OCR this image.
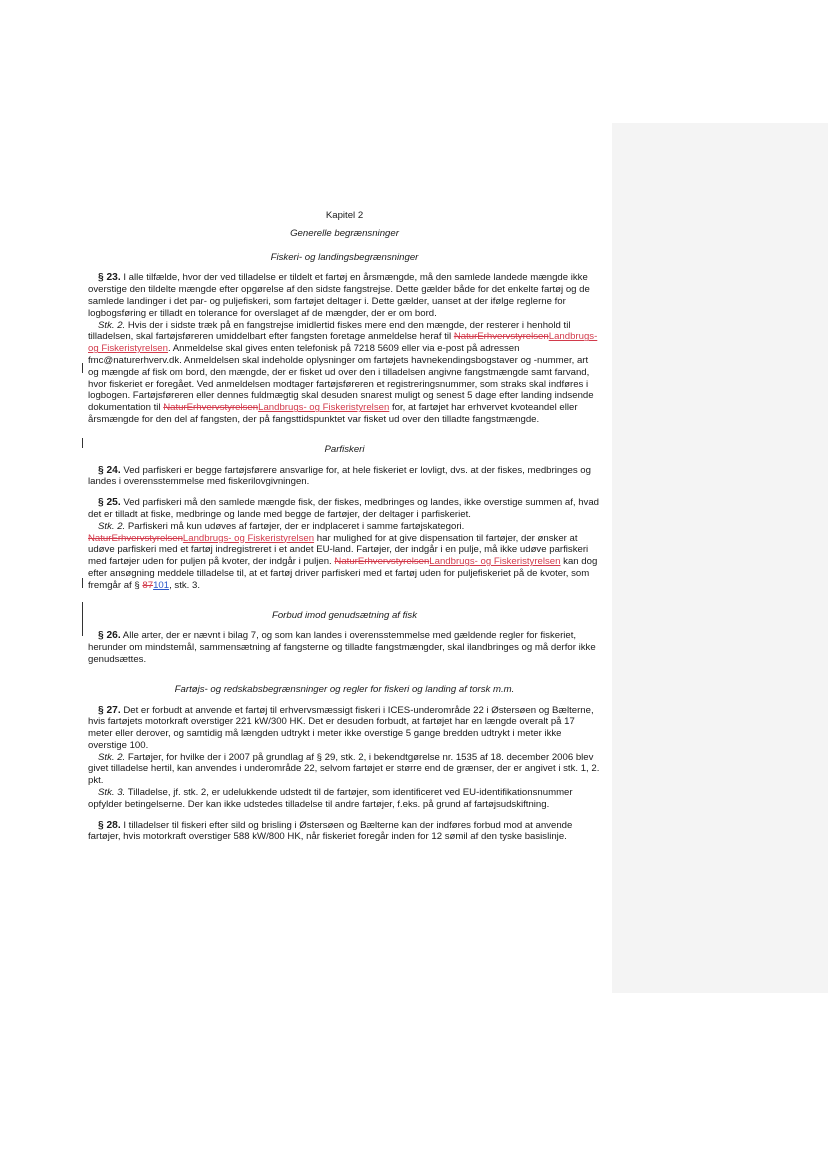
Kapitel 2

Generelle begrænsninger

Fiskeri- og landingsbegrænsninger

§ 23. I alle tilfælde, hvor der ved tilladelse er tildelt et fartøj en årsmængde, må den samlede landede mængde ikke overstige den tildelte mængde efter opgørelse af den sidste fangstrejse. Dette gælder både for det enkelte fartøj og de samlede landinger i det par- og puljefiskeri, som fartøjet deltager i. Dette gælder, uanset at der ifølge reglerne for logbogsføring er tilladt en tolerance for overslaget af de mængder, der er om bord.

Stk. 2. Hvis der i sidste træk på en fangstrejse imidlertid fiskes mere end den mængde, der resterer i henhold til tilladelsen, skal fartøjsføreren umiddelbart efter fangsten foretage anmeldelse heraf til NaturErhvervstyrelsenLandbrugs- og Fiskeristyrelsen. Anmeldelse skal gives enten telefonisk på 7218 5609 eller via e-post på adressen fmc@naturerhverv.dk. Anmeldelsen skal indeholde oplysninger om fartøjets havnekendingsbogstaver og -nummer, art og mængde af fisk om bord, den mængde, der er fisket ud over den i tilladelsen angivne fangstmængde samt farvand, hvor fiskeriet er foregået. Ved anmeldelsen modtager fartøjsføreren et registreringsnummer, som straks skal indføres i logbogen. Fartøjsføreren eller dennes fuldmægtig skal desuden snarest muligt og senest 5 dage efter landing indsende dokumentation til NaturErhvervstyrelsenLandbrugs- og Fiskeristyrelsen for, at fartøjet har erhvervet kvoteandel eller årsmængde for den del af fangsten, der på fangsttidspunktet var fisket ud over den tilladte fangstmængde.

Parfiskeri

§ 24. Ved parfiskeri er begge fartøjsførere ansvarlige for, at hele fiskeriet er lovligt, dvs. at der fiskes, medbringes og landes i overensstemmelse med fiskerilovgivningen.

§ 25. Ved parfiskeri må den samlede mængde fisk, der fiskes, medbringes og landes, ikke overstige summen af, hvad det er tilladt at fiske, medbringe og lande med begge de fartøjer, der deltager i parfiskeriet.

Stk. 2. Parfiskeri må kun udøves af fartøjer, der er indplaceret i samme fartøjskategori. NaturErhvervstyrelsenLandbrugs- og Fiskeristyrelsen har mulighed for at give dispensation til fartøjer, der ønsker at udøve parfiskeri med et fartøj indregistreret i et andet EU-land. Fartøjer, der indgår i en pulje, må ikke udøve parfiskeri med fartøjer uden for puljen på kvoter, der indgår i puljen. NaturErhvervstyrelsenLandbrugs- og Fiskeristyrelsen kan dog efter ansøgning meddele tilladelse til, at et fartøj driver parfiskeri med et fartøj uden for puljefiskeriet på de kvoter, som fremgår af § 87101, stk. 3.

Forbud imod genudsætning af fisk

§ 26. Alle arter, der er nævnt i bilag 7, og som kan landes i overensstemmelse med gældende regler for fiskeriet, herunder om mindstemål, sammensætning af fangsterne og tilladte fangstmængder, skal ilandbringes og må derfor ikke genudsættes.

Fartøjs- og redskabsbegrænsninger og regler for fiskeri og landing af torsk m.m.

§ 27. Det er forbudt at anvende et fartøj til erhvervsmæssigt fiskeri i ICES-underområde 22 i Østersøen og Bælterne, hvis fartøjets motorkraft overstiger 221 kW/300 HK. Det er desuden forbudt, at fartøjet har en længde overalt på 17 meter eller derover, og samtidig må længden udtrykt i meter ikke overstige 5 gange bredden udtrykt i meter ikke overstige 100.

Stk. 2. Fartøjer, for hvilke der i 2007 på grundlag af § 29, stk. 2, i bekendtgørelse nr. 1535 af 18. december 2006 blev givet tilladelse hertil, kan anvendes i underområde 22, selvom fartøjet er større end de grænser, der er angivet i stk. 1, 2. pkt.

Stk. 3. Tilladelse, jf. stk. 2, er udelukkende udstedt til de fartøjer, som identificeret ved EU-identifikationsnummer opfylder betingelserne. Der kan ikke udstedes tilladelse til andre fartøjer, f.eks. på grund af fartøjsudskiftning.

§ 28. I tilladelser til fiskeri efter sild og brisling i Østersøen og Bælterne kan der indføres forbud mod at anvende fartøjer, hvis motorkraft overstiger 588 kW/800 HK, når fiskeriet foregår inden for 12 sømil af den tyske basislinje.
